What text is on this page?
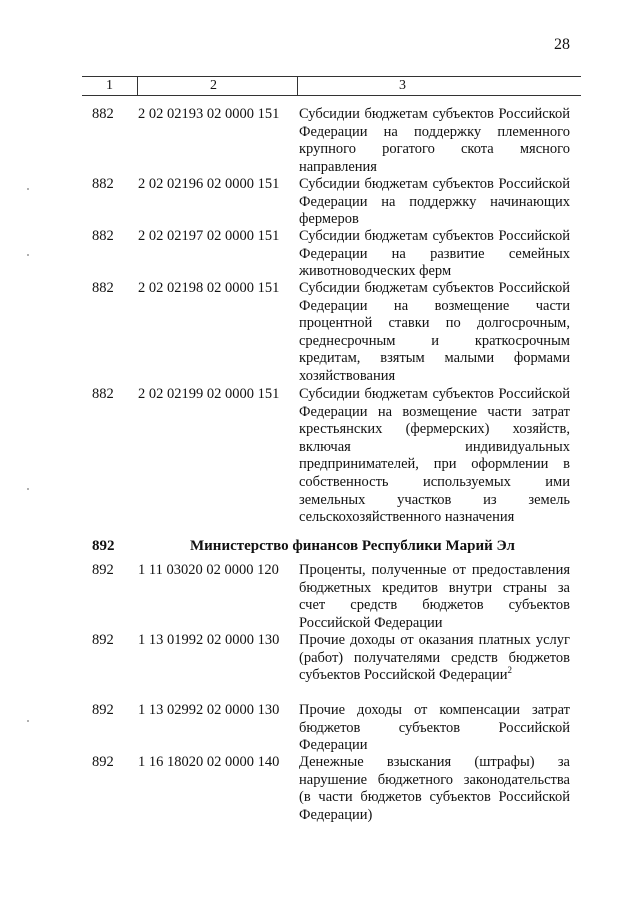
28
1	2	3
882 2 02 02193 02 0000 151 Субсидии бюджетам субъектов Российской Федерации на поддержку племенного крупного рогатого скота мясного направления
882 2 02 02196 02 0000 151 Субсидии бюджетам субъектов Российской Федерации на поддержку начинающих фермеров
882 2 02 02197 02 0000 151 Субсидии бюджетам субъектов Российской Федерации на развитие семейных животноводческих ферм
882 2 02 02198 02 0000 151 Субсидии бюджетам субъектов Российской Федерации на возмещение части процентной ставки по долгосрочным, среднесрочным и краткосрочным кредитам, взятым малыми формами хозяйствования
882 2 02 02199 02 0000 151 Субсидии бюджетам субъектов Российской Федерации на возмещение части затрат крестьянских (фермерских) хозяйств, включая индивидуальных предпринимателей, при оформлении в собственность используемых ими земельных участков из земель сельскохозяйственного назначения
892	Министерство финансов Республики Марий Эл
892 1 11 03020 02 0000 120 Проценты, полученные от предоставления бюджетных кредитов внутри страны за счет средств бюджетов субъектов Российской Федерации
892 1 13 01992 02 0000 130 Прочие доходы от оказания платных услуг (работ) получателями средств бюджетов субъектов Российской Федерации$^2$
892 1 13 02992 02 0000 130 Прочие доходы от компенсации затрат бюджетов субъектов Российской Федерации
892 1 16 18020 02 0000 140 Денежные взыскания (штрафы) за нарушение бюджетного законодательства (в части бюджетов субъектов Российской Федерации)
